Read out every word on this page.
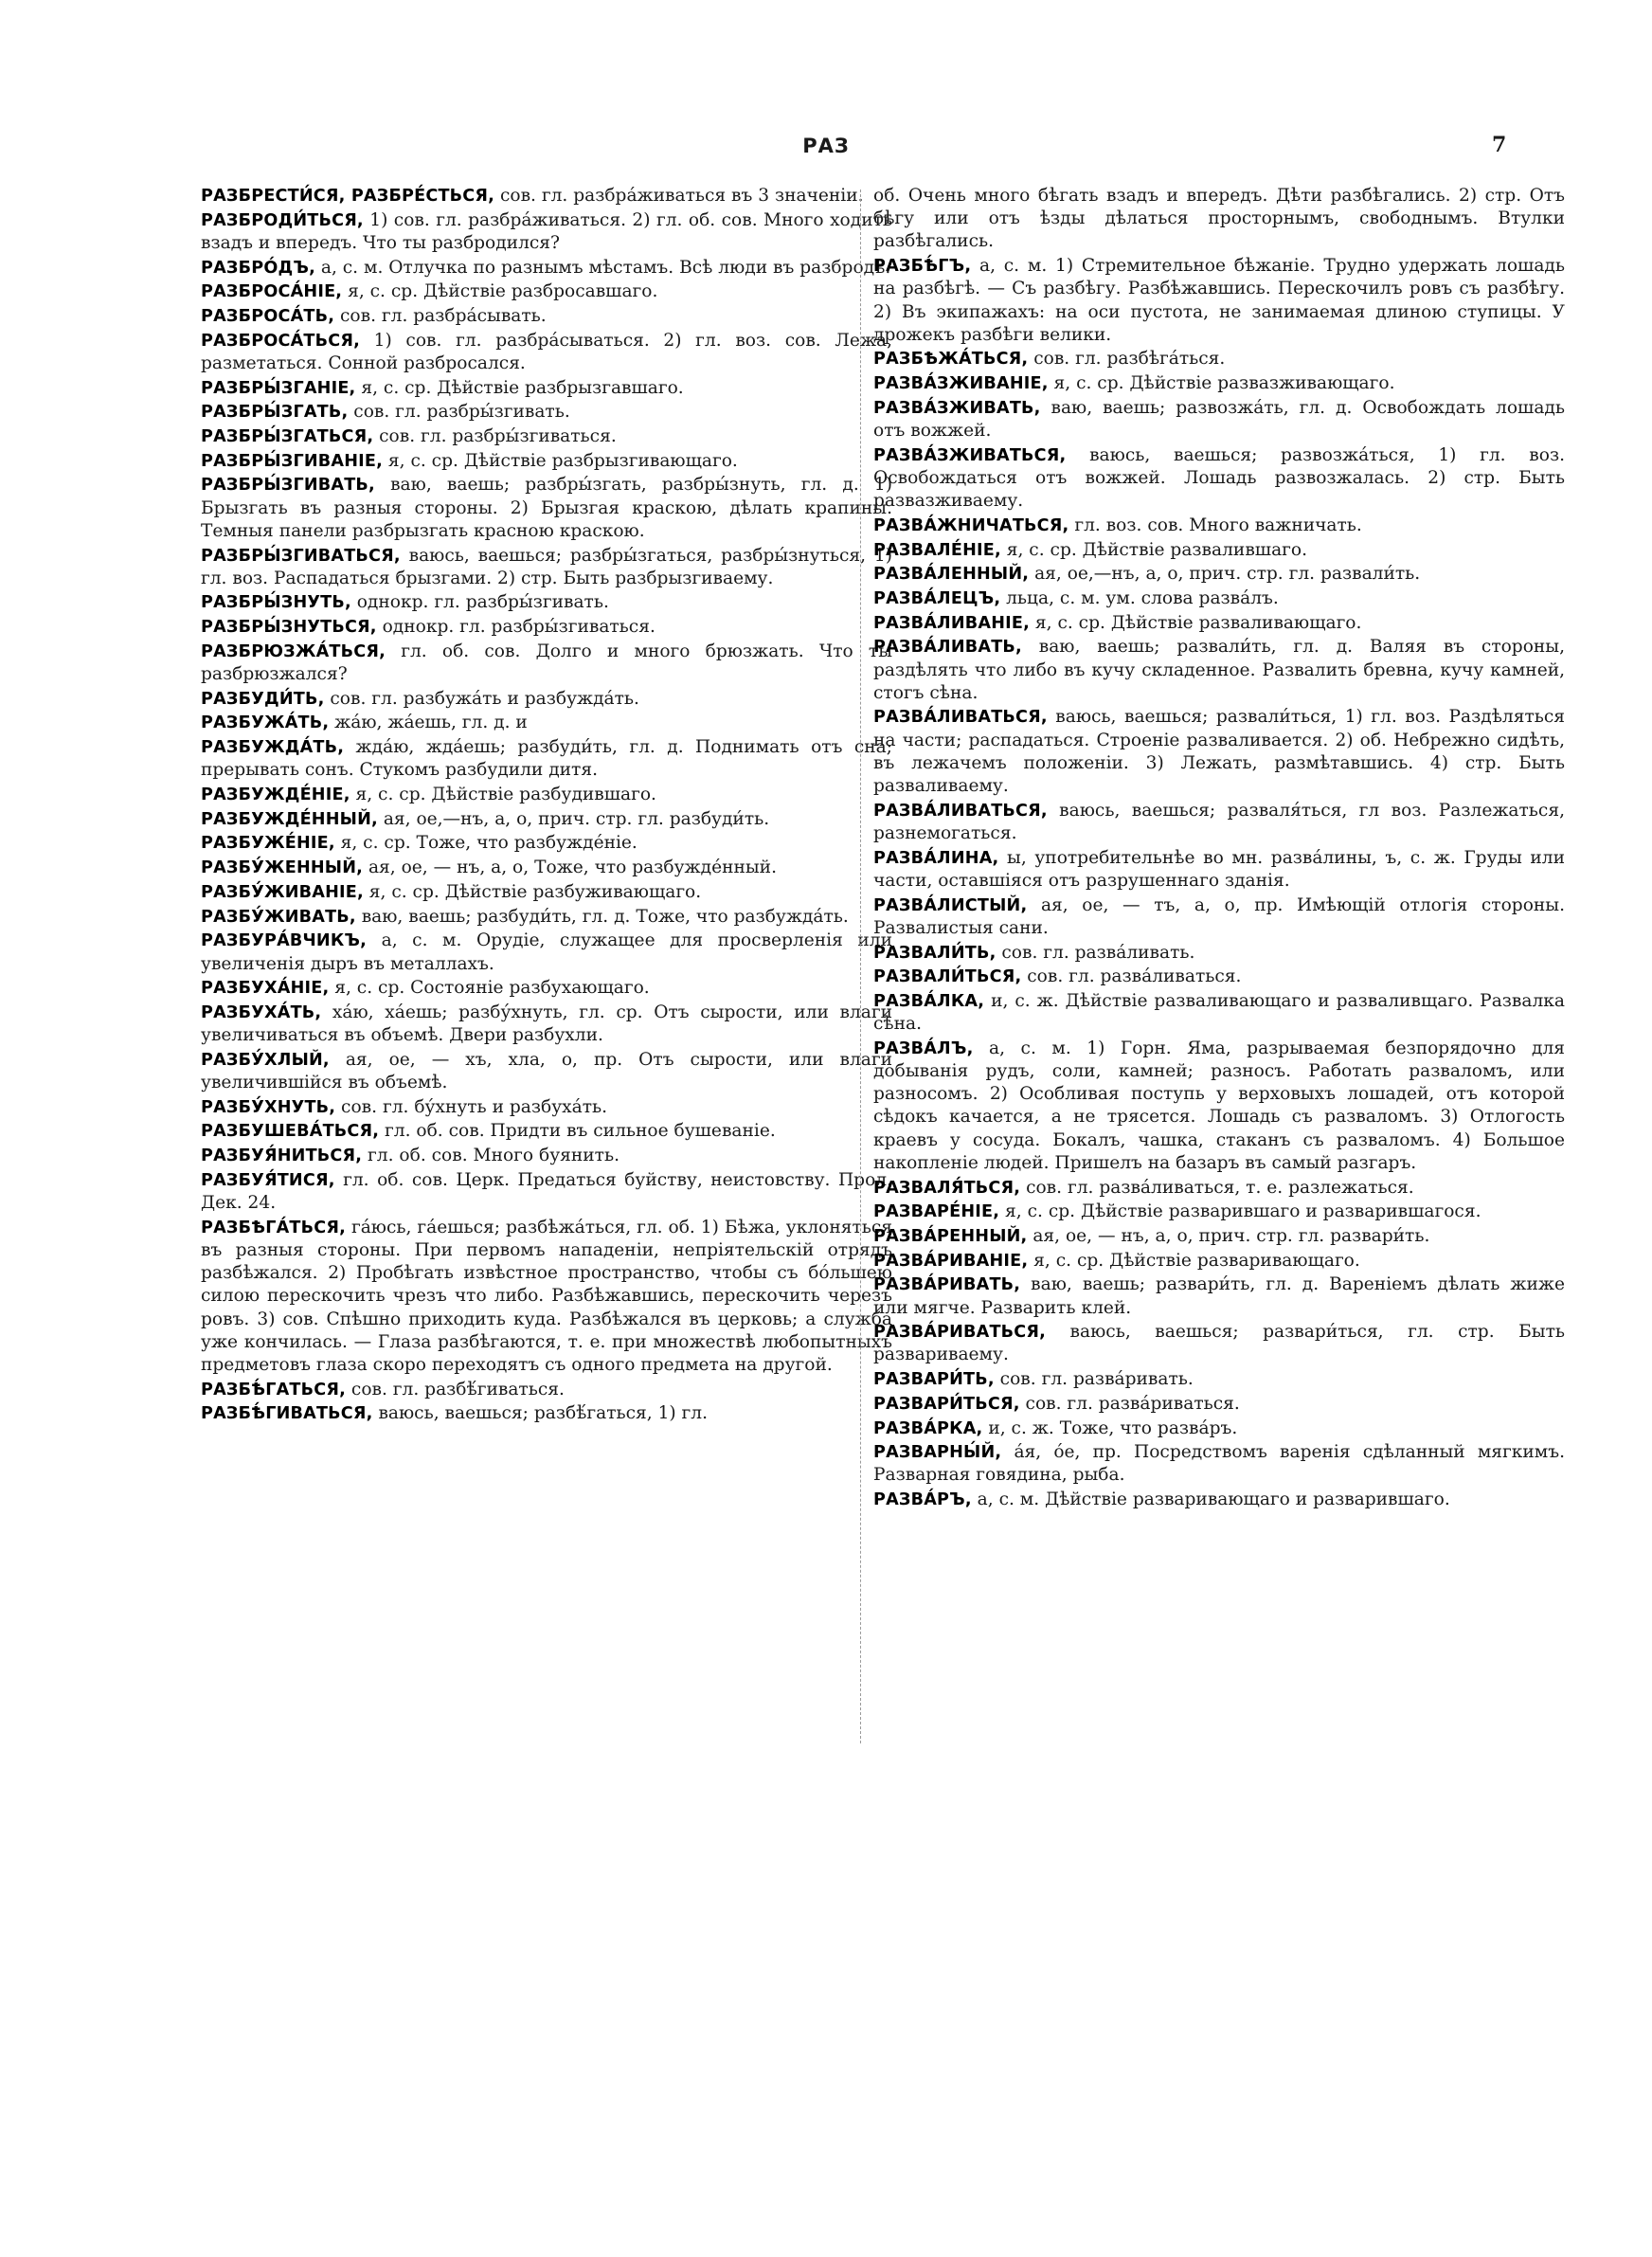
РАЗ	7

РАЗБРЕСТИ́СЯ, РАЗБРЕ́СТЬСЯ, сов. гл. разбра́живаться въ 3 значеніи.

РАЗБРОДИ́ТЬСЯ, 1) сов. гл. разбра́живаться. 2) гл. об. сов. Много ходить взадъ и впередъ. Что ты разбродился?

РАЗБРО́ДЪ, а, с. м. Отлучка по разнымъ мѣстамъ. Всѣ люди въ разбродѣ.

РАЗБРОСА́НІЕ, я, с. ср. Дѣйствіе разбросавшаго.

РАЗБРОСА́ТЬ, сов. гл. разбра́сывать.

РАЗБРОСА́ТЬСЯ, 1) сов. гл. разбра́сываться. 2) гл. воз. сов. Лежа, разметаться. Сонной разбросался.

РАЗБРЫ́ЗГАНІЕ, я, с. ср. Дѣйствіе разбрызгавшаго.

РАЗБРЫ́ЗГАТЬ, сов. гл. разбры́згивать.

РАЗБРЫ́ЗГАТЬСЯ, сов. гл. разбры́згиваться.

РАЗБРЫ́ЗГИВАНІЕ, я, с. ср. Дѣйствіе разбрызгивающаго.

РАЗБРЫ́ЗГИВАТЬ, ваю, ваешь; разбры́згать, разбры́знуть, гл. д. 1) Брызгать въ разныя стороны. 2) Брызгая краскою, дѣлать крапины. Темныя панели разбрызгать красною краскою.

РАЗБРЫ́ЗГИВАТЬСЯ, ваюсь, ваешься; разбры́згаться, разбры́знуться, 1) гл. воз. Распадаться брызгами. 2) стр. Быть разбрызгиваему.

РАЗБРЫ́ЗНУТЬ, однокр. гл. разбры́згивать.

РАЗБРЫ́ЗНУТЬСЯ, однокр. гл. разбры́згиваться.

РАЗБРЮЗЖА́ТЬСЯ, гл. об. сов. Долго и много брюзжать. Что ты разбрюзжался?

РАЗБУДИ́ТЬ, сов. гл. разбужа́ть и разбужда́ть.

РАЗБУЖА́ТЬ, жа́ю, жа́ешь, гл. д. и

РАЗБУЖДА́ТЬ, жда́ю, жда́ешь; разбуди́ть, гл. д. Поднимать отъ сна; прерывать сонъ. Стукомъ разбудили дитя.

РАЗБУЖДЕ́НІЕ, я, с. ср. Дѣйствіе разбудившаго.

РАЗБУЖДЕ́ННЫЙ, ая, ое,—нъ, а, о, прич. стр. гл. разбуди́ть.

РАЗБУЖЕ́НІЕ, я, с. ср. Тоже, что разбужде́ніе.

РАЗБУ́ЖЕННЫЙ, ая, ое, — нъ, а, о, Тоже, что разбужде́нный.

РАЗБУ́ЖИВАНІЕ, я, с. ср. Дѣйствіе разбуживающаго.

РАЗБУ́ЖИВАТЬ, ваю, ваешь; разбуди́ть, гл. д. Тоже, что разбужда́ть.

РАЗБУРА́ВЧИКЪ, а, с. м. Орудіе, служащее для просверленія или увеличенія дыръ въ металлахъ.

РАЗБУХА́НІЕ, я, с. ср. Состояніе разбухающаго.

РАЗБУХА́ТЬ, ха́ю, ха́ешь; разбу́хнуть, гл. ср. Отъ сырости, или влаги увеличиваться въ объемѣ. Двери разбухли.

РАЗБУ́ХЛЫЙ, ая, ое, — хъ, хла, о, пр. Отъ сырости, или влаги увеличившійся въ объемѣ.

РАЗБУ́ХНУТЬ, сов. гл. бу́хнуть и разбуха́ть.

РАЗБУШЕВА́ТЬСЯ, гл. об. сов. Придти въ сильное бушеваніе.

РАЗБУЯ́НИТЬСЯ, гл. об. сов. Много буянить.

РАЗБУЯ́ТИСЯ, гл. об. сов. Церк. Предаться буйству, неистовству. Прол. Дек. 24.

РАЗБѢГА́ТЬСЯ, га́юсь, га́ешься; разбѣжа́ться, гл. об. 1) Бѣжа, уклоняться въ разныя стороны. При первомъ нападеніи, непріятельскій отрядъ разбѣжался. 2) Пробѣгать извѣстное пространство, чтобы съ бо́льшею силою перескочить чрезъ что либо. Разбѣжавшись, перескочить черезъ ровъ. 3) сов. Спѣшно приходить куда. Разбѣжался въ церковь; а служба уже кончилась. — Глаза разбѣгаются, т. е. при множествѣ любопытныхъ предметовъ глаза скоро переходятъ съ одного предмета на другой.

РАЗБѢ́ГАТЬСЯ, сов. гл. разбѣ́гиваться.

РАЗБѢ́ГИВАТЬСЯ, ваюсь, ваешься; разбѣ́гаться, 1) гл.

об. Очень много бѣгать взадъ и впередъ. Дѣти разбѣгались. 2) стр. Отъ бѣгу или отъ ѣзды дѣлаться просторнымъ, свободнымъ. Втулки разбѣгались.

РАЗБѢ́ГЪ, а, с. м. 1) Стремительное бѣжаніе. Трудно удержать лошадь на разбѣгѣ. — Съ разбѣгу. Разбѣжавшись. Перескочилъ ровъ съ разбѣгу. 2) Въ экипажахъ: на оси пустота, не занимаемая длиною ступицы. У дрожекъ разбѣги велики.

РАЗБѢЖА́ТЬСЯ, сов. гл. разбѣга́ться.

РАЗВА́ЗЖИВАНІЕ, я, с. ср. Дѣйствіе развазживающаго.

РАЗВА́ЗЖИВАТЬ, ваю, ваешь; развозжа́ть, гл. д. Освобождать лошадь отъ вожжей.

РАЗВА́ЗЖИВАТЬСЯ, ваюсь, ваешься; развозжа́ться, 1) гл. воз. Освобождаться отъ вожжей. Лошадь развозжалась. 2) стр. Быть развазживаему.

РАЗВА́ЖНИЧАТЬСЯ, гл. воз. сов. Много важничать.

РАЗВАЛЕ́НІЕ, я, с. ср. Дѣйствіе развалившаго.

РАЗВА́ЛЕННЫЙ, ая, ое,—нъ, а, о, прич. стр. гл. развали́ть.

РАЗВА́ЛЕЦЪ, льца, с. м. ум. слова разва́лъ.

РАЗВА́ЛИВАНІЕ, я, с. ср. Дѣйствіе разваливающаго.

РАЗВА́ЛИВАТЬ, ваю, ваешь; развали́ть, гл. д. Валяя въ стороны, раздѣлять что либо въ кучу складенное. Развалить бревна, кучу камней, стогъ сѣна.

РАЗВА́ЛИВАТЬСЯ, ваюсь, ваешься; развали́ться, 1) гл. воз. Раздѣляться на части; распадаться. Строеніе разваливается. 2) об. Небрежно сидѣть, въ лежачемъ положеніи. 3) Лежать, размѣтавшись. 4) стр. Быть разваливаему.

РАЗВА́ЛИВАТЬСЯ, ваюсь, ваешься; разваля́ться, гл воз. Разлежаться, разнемогаться.

РАЗВА́ЛИНА, ы, употребительнѣе во мн. разва́лины, ъ, с. ж. Груды или части, оставшіяся отъ разрушеннаго зданія.

РАЗВА́ЛИСТЫЙ, ая, ое, — тъ, а, о, пр. Имѣющій отлогія стороны. Развалистыя сани.

РАЗВАЛИ́ТЬ, сов. гл. разва́ливать.

РАЗВАЛИ́ТЬСЯ, сов. гл. разва́ливаться.

РАЗВА́ЛКА, и, с. ж. Дѣйствіе разваливающаго и разваливщаго. Развалка сѣна.

РАЗВА́ЛЪ, а, с. м. 1) Горн. Яма, разрываемая безпорядочно для добыванія рудъ, соли, камней; разносъ. Работать разваломъ, или разносомъ. 2) Особливая поступь у верховыхъ лошадей, отъ которой сѣдокъ качается, а не трясется. Лошадь съ разваломъ. 3) Отлогость краевъ у сосуда. Бокалъ, чашка, стаканъ съ разваломъ. 4) Большое накопленіе людей. Пришелъ на базаръ въ самый разгаръ.

РАЗВАЛЯ́ТЬСЯ, сов. гл. разва́ливаться, т. е. разлежаться.

РАЗВАРЕ́НІЕ, я, с. ср. Дѣйствіе разварившаго и разварившагося.

РАЗВА́РЕННЫЙ, ая, ое, — нъ, а, о, прич. стр. гл. развари́ть.

РАЗВА́РИВАНІЕ, я, с. ср. Дѣйствіе разваривающаго.

РАЗВА́РИВАТЬ, ваю, ваешь; развари́ть, гл. д. Вареніемъ дѣлать жиже или мягче. Разварить клей.

РАЗВА́РИВАТЬСЯ, ваюсь, ваешься; развари́ться, гл. стр. Быть развариваему.

РАЗВАРИ́ТЬ, сов. гл. разва́ривать.

РАЗВАРИ́ТЬСЯ, сов. гл. разва́риваться.

РАЗВА́РКА, и, с. ж. Тоже, что разва́ръ.

РАЗВАРНЫ́Й, а́я, о́е, пр. Посредствомъ варенія сдѣланный мягкимъ. Разварная говядина, рыба.

РАЗВА́РЪ, а, с. м. Дѣйствіе разваривающаго и разварившаго.
